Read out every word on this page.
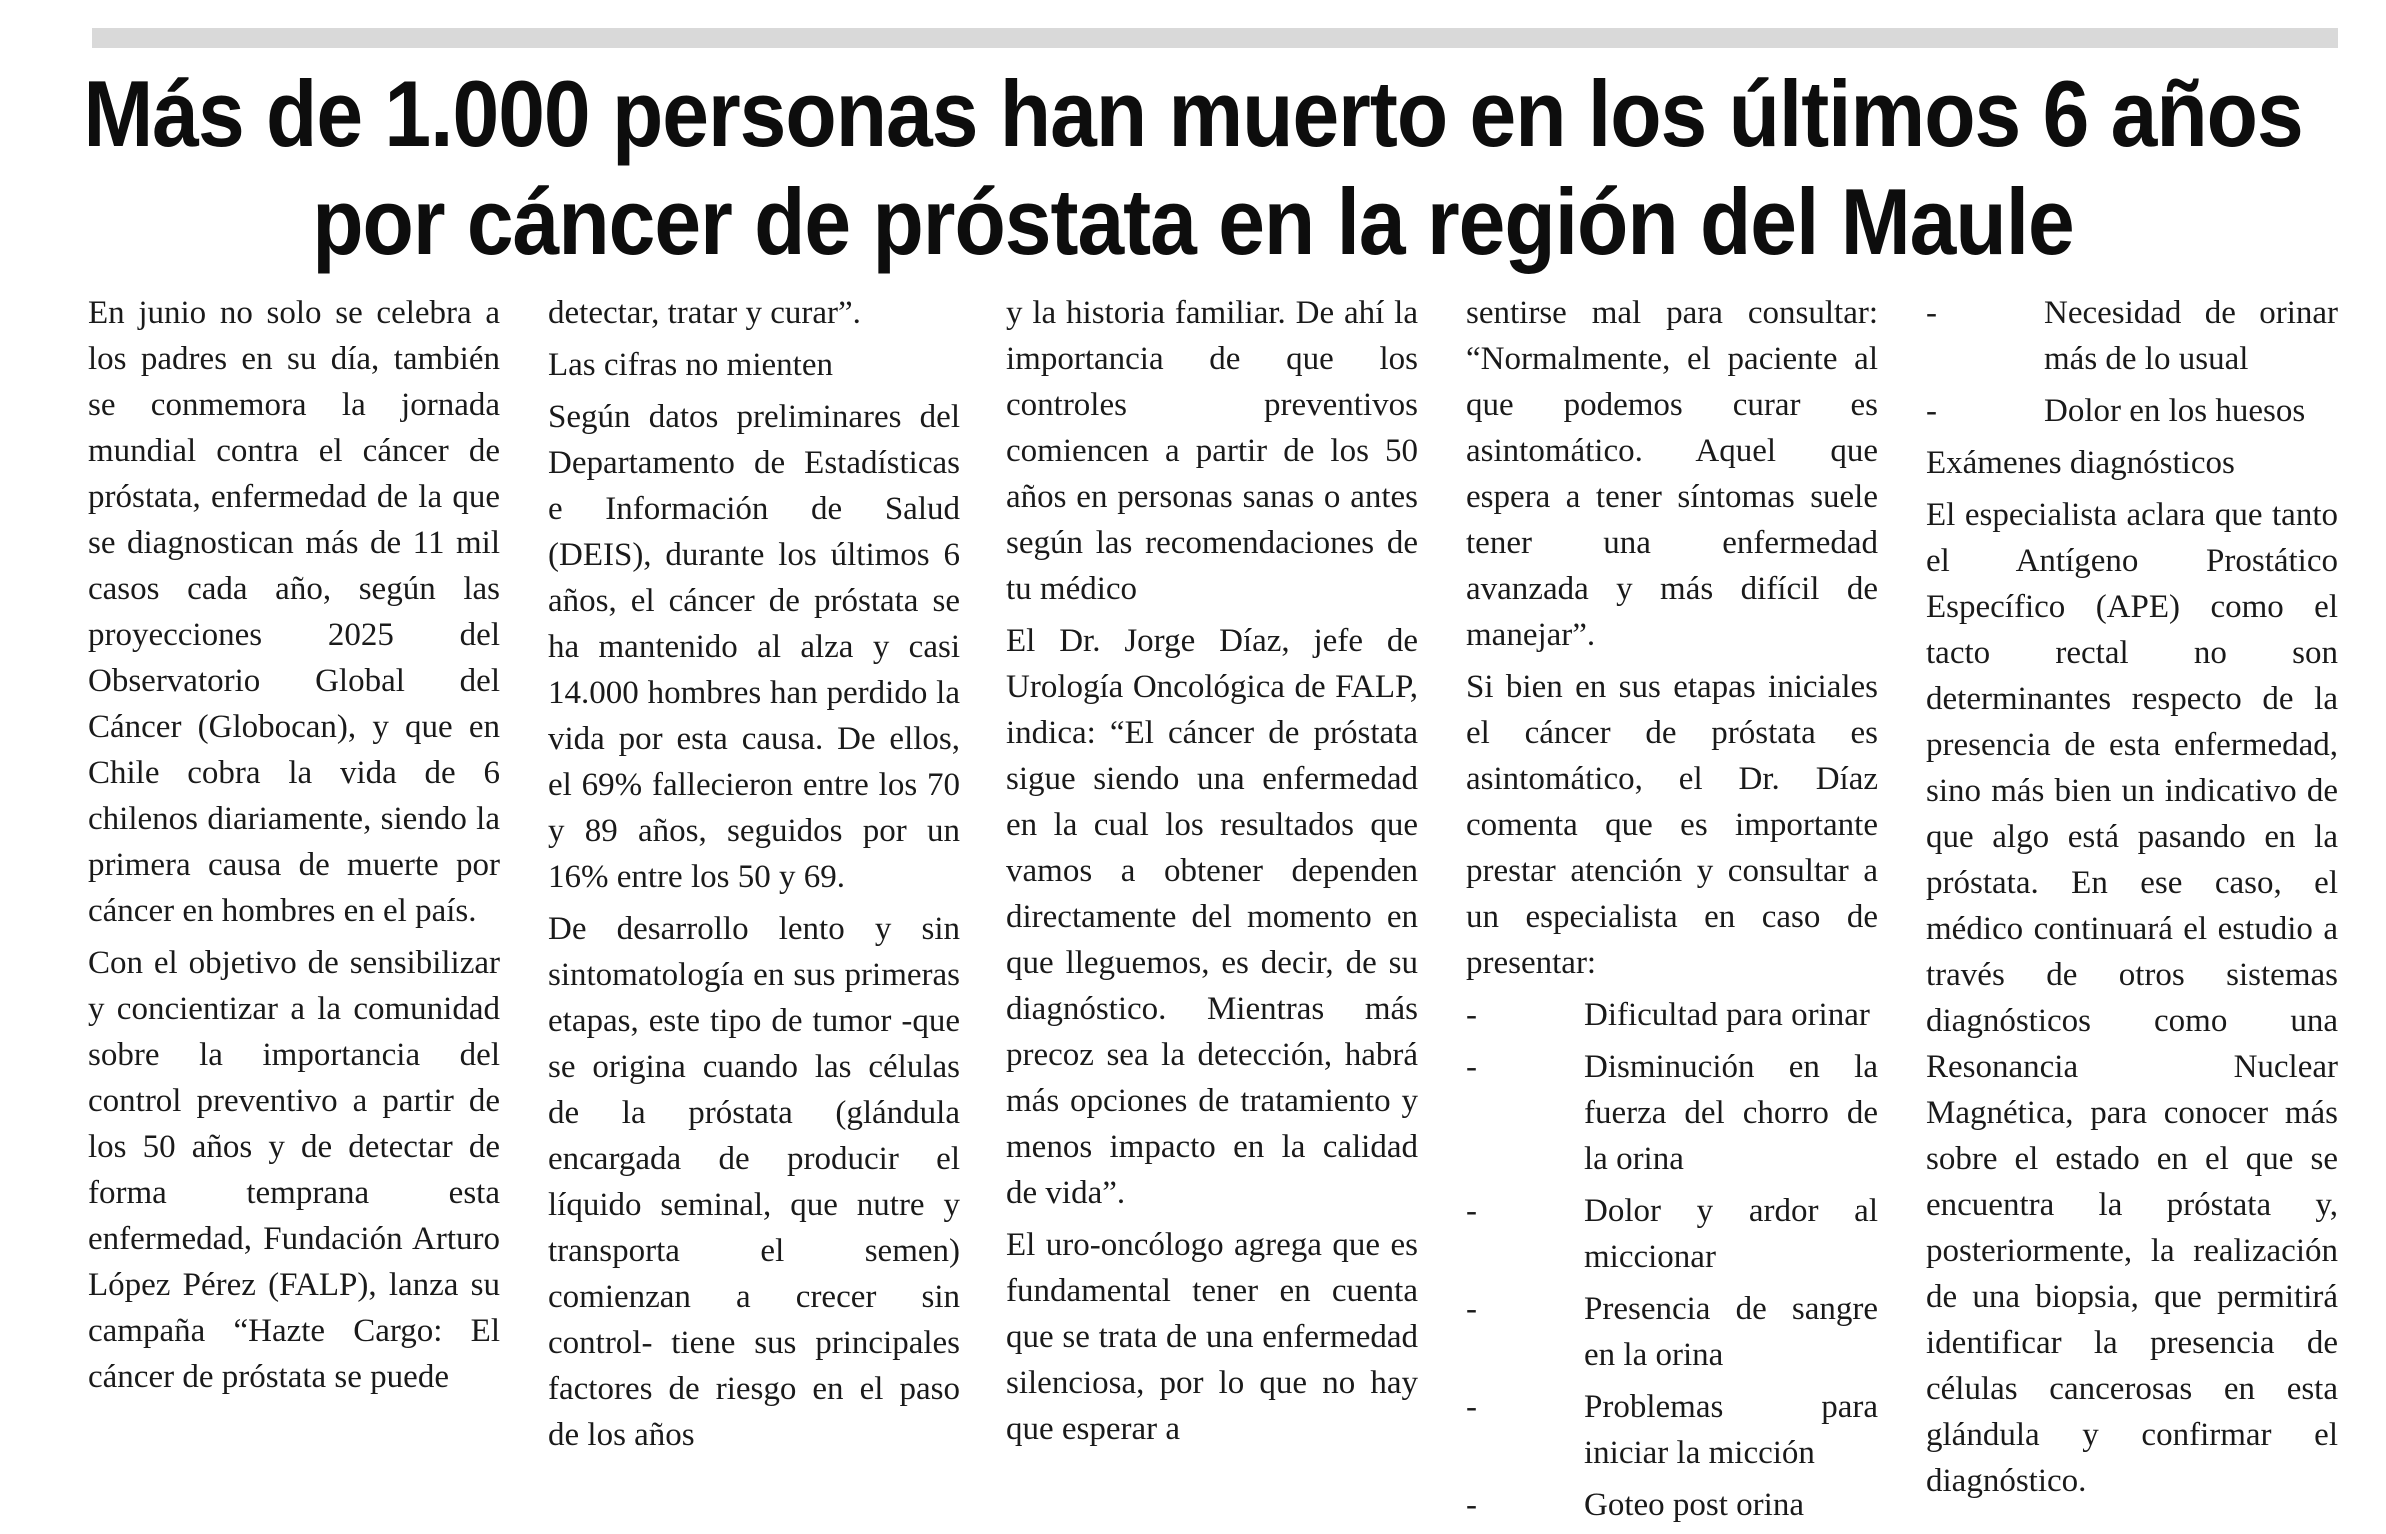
Más de 1.000 personas han muerto en los últimos 6 años
por cáncer de próstata en la región del Maule

En junio no solo se celebra a los padres en su día, también se conmemora la jornada mundial contra el cáncer de próstata, enfermedad de la que se diagnostican más de 11 mil casos cada año, según las proyecciones 2025 del Observatorio Global del Cáncer (Globocan), y que en Chile cobra la vida de 6 chilenos diariamente, siendo la primera causa de muerte por cáncer en hombres en el país.

Con el objetivo de sensibilizar y concientizar a la comunidad sobre la importancia del control preventivo a partir de los 50 años y de detectar de forma temprana esta enfermedad, Fundación Arturo López Pérez (FALP), lanza su campaña “Hazte Cargo: El cáncer de próstata se puede

detectar, tratar y curar”.

Las cifras no mienten

Según datos preliminares del Departamento de Estadísticas e Información de Salud (DEIS), durante los últimos 6 años, el cáncer de próstata se ha mantenido al alza y casi 14.000 hombres han perdido la vida por esta causa. De ellos, el 69% fallecieron entre los 70 y 89 años, seguidos por un 16% entre los 50 y 69.

De desarrollo lento y sin sintomatología en sus primeras etapas, este tipo de tumor -que se origina cuando las células de la próstata (glándula encargada de producir el líquido seminal, que nutre y transporta el semen) comienzan a crecer sin control- tiene sus principales factores de riesgo en el paso de los años

y la historia familiar. De ahí la importancia de que los controles preventivos comiencen a partir de los 50 años en personas sanas o antes según las recomendaciones de tu médico

El Dr. Jorge Díaz, jefe de Urología Oncológica de FALP, indica: “El cáncer de próstata sigue siendo una enfermedad en la cual los resultados que vamos a obtener dependen directamente del momento en que lleguemos, es decir, de su diagnóstico. Mientras más precoz sea la detección, habrá más opciones de tratamiento y menos impacto en la calidad de vida”.

El uro-oncólogo agrega que es fundamental tener en cuenta que se trata de una enfermedad silenciosa, por lo que no hay que esperar a

sentirse mal para consultar: “Normalmente, el paciente al que podemos curar es asintomático. Aquel que espera a tener síntomas suele tener una enfermedad avanzada y más difícil de manejar”.

Si bien en sus etapas iniciales el cáncer de próstata es asintomático, el Dr. Díaz comenta que es importante prestar atención y consultar a un especialista en caso de presentar:

-	Dificultad para orinar
-	Disminución en la fuerza del chorro de la orina
-	Dolor y ardor al miccionar
-	Presencia de sangre en la orina
-	Problemas para iniciar la micción
-	Goteo post orina
-	Necesidad de orinar más de lo usual
-	Dolor en los huesos
Exámenes diagnósticos

El especialista aclara que tanto el Antígeno Prostático Específico (APE) como el tacto rectal no son determinantes respecto de la presencia de esta enfermedad, sino más bien un indicativo de que algo está pasando en la próstata. En ese caso, el médico continuará el estudio a través de otros sistemas diagnósticos como una Resonancia Nuclear Magnética, para conocer más sobre el estado en el que se encuentra la próstata y, posteriormente, la realización de una biopsia, que permitirá identificar la presencia de células cancerosas en esta glándula y confirmar el diagnóstico.
